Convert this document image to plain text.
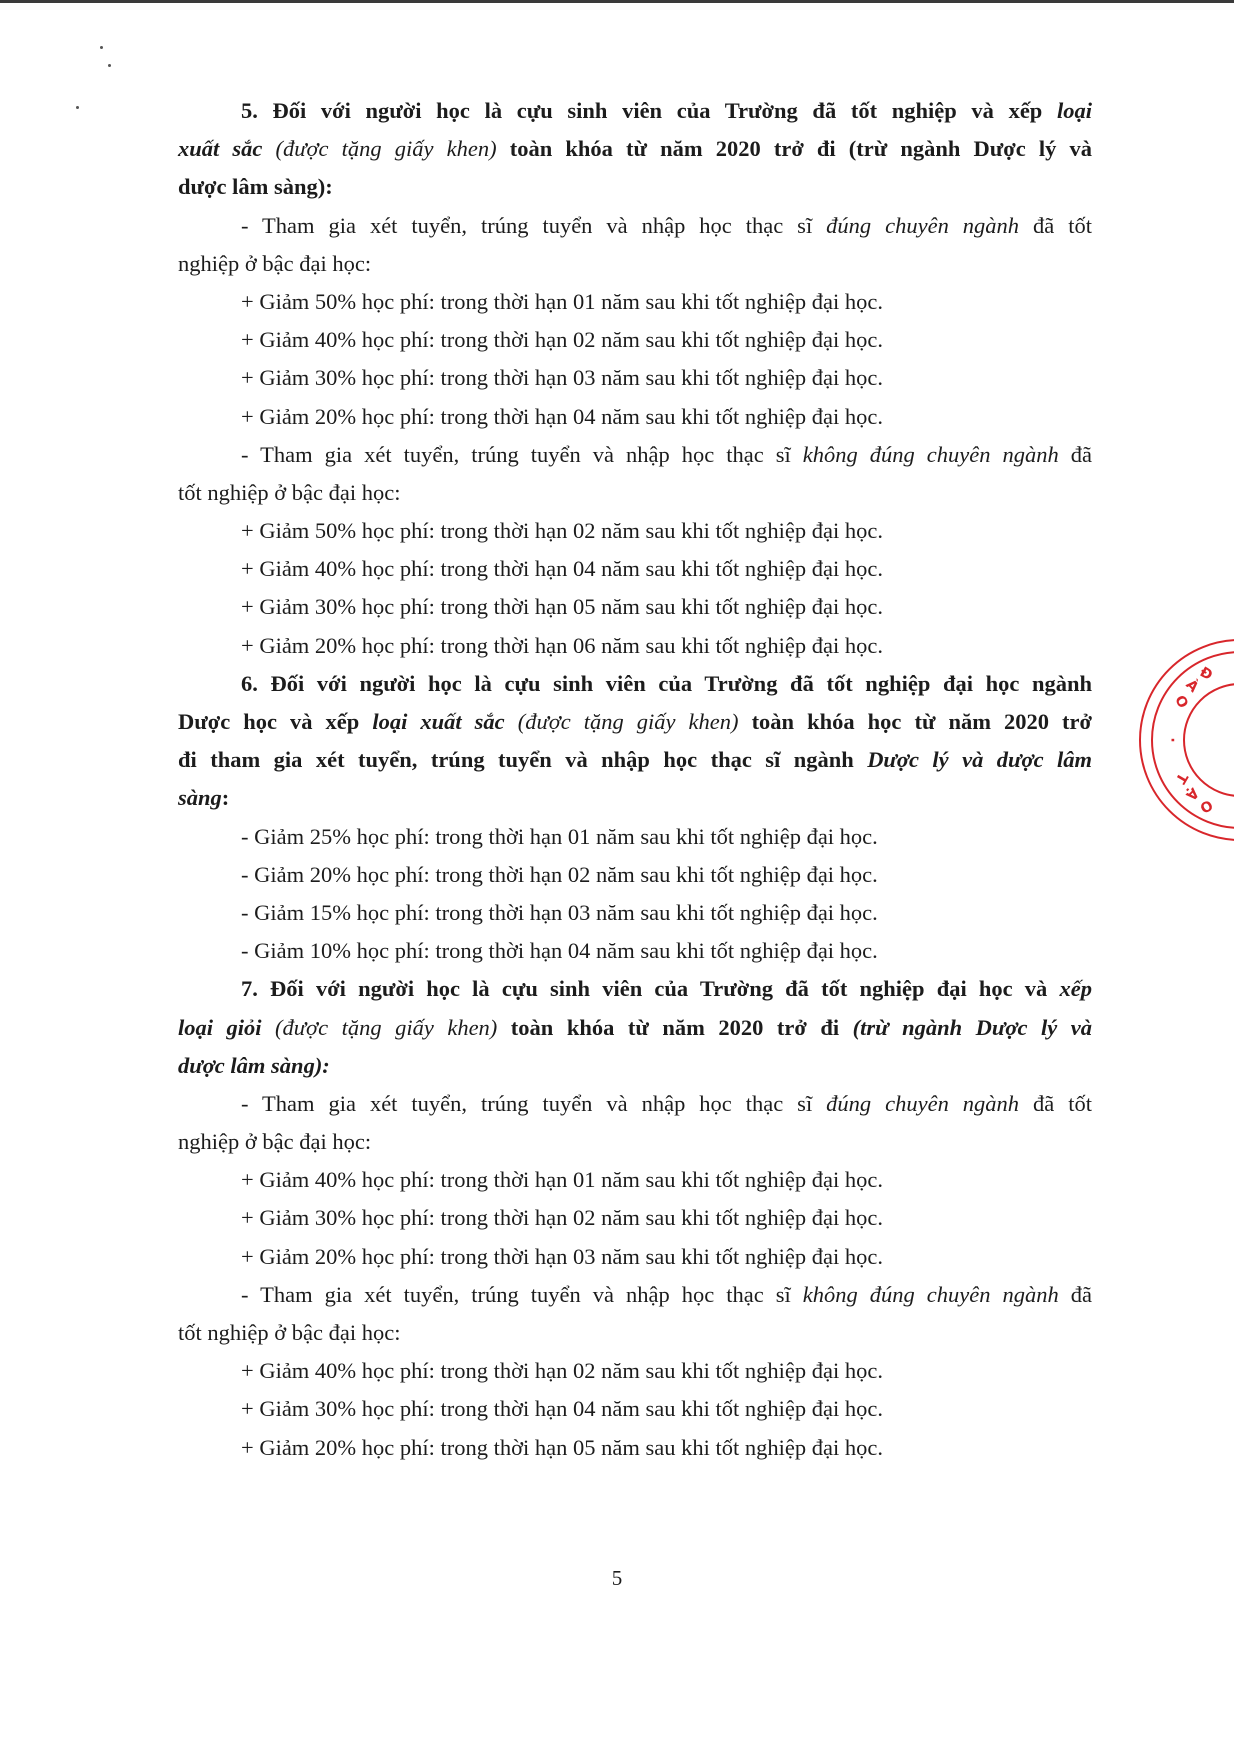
5. Đối với người học là cựu sinh viên của Trường đã tốt nghiệp và xếp loại
xuất sắc (được tặng giấy khen) toàn khóa từ năm 2020 trở đi (trừ ngành Dược lý và
dược lâm sàng):
- Tham gia xét tuyển, trúng tuyển và nhập học thạc sĩ đúng chuyên ngành đã tốt
nghiệp ở bậc đại học:
+ Giảm 50% học phí: trong thời hạn 01 năm sau khi tốt nghiệp đại học.
+ Giảm 40% học phí: trong thời hạn 02 năm sau khi tốt nghiệp đại học.
+ Giảm 30% học phí: trong thời hạn 03 năm sau khi tốt nghiệp đại học.
+ Giảm 20% học phí: trong thời hạn 04 năm sau khi tốt nghiệp đại học.
- Tham gia xét tuyển, trúng tuyển và nhập học thạc sĩ không đúng chuyên ngành đã
tốt nghiệp ở bậc đại học:
+ Giảm 50% học phí: trong thời hạn 02 năm sau khi tốt nghiệp đại học.
+ Giảm 40% học phí: trong thời hạn 04 năm sau khi tốt nghiệp đại học.
+ Giảm 30% học phí: trong thời hạn 05 năm sau khi tốt nghiệp đại học.
+ Giảm 20% học phí: trong thời hạn 06 năm sau khi tốt nghiệp đại học.
6. Đối với người học là cựu sinh viên của Trường đã tốt nghiệp đại học ngành
Dược học và xếp loại xuất sắc (được tặng giấy khen) toàn khóa học từ năm 2020 trở
đi tham gia xét tuyển, trúng tuyển và nhập học thạc sĩ ngành Dược lý và dược lâm
sàng:
- Giảm 25% học phí: trong thời hạn 01 năm sau khi tốt nghiệp đại học.
- Giảm 20% học phí: trong thời hạn 02 năm sau khi tốt nghiệp đại học.
- Giảm 15% học phí: trong thời hạn 03 năm sau khi tốt nghiệp đại học.
- Giảm 10% học phí: trong thời hạn 04 năm sau khi tốt nghiệp đại học.
7. Đối với người học là cựu sinh viên của Trường đã tốt nghiệp đại học và xếp
loại giỏi (được tặng giấy khen) toàn khóa từ năm 2020 trở đi (trừ ngành Dược lý và
dược lâm sàng):
- Tham gia xét tuyển, trúng tuyển và nhập học thạc sĩ đúng chuyên ngành đã tốt
nghiệp ở bậc đại học:
+ Giảm 40% học phí: trong thời hạn 01 năm sau khi tốt nghiệp đại học.
+ Giảm 30% học phí: trong thời hạn 02 năm sau khi tốt nghiệp đại học.
+ Giảm 20% học phí: trong thời hạn 03 năm sau khi tốt nghiệp đại học.
- Tham gia xét tuyển, trúng tuyển và nhập học thạc sĩ không đúng chuyên ngành đã
tốt nghiệp ở bậc đại học:
+ Giảm 40% học phí: trong thời hạn 02 năm sau khi tốt nghiệp đại học.
+ Giảm 30% học phí: trong thời hạn 04 năm sau khi tốt nghiệp đại học.
+ Giảm 20% học phí: trong thời hạn 05 năm sau khi tốt nghiệp đại học.
Đ
À
O
·
T
Ạ
O
5
